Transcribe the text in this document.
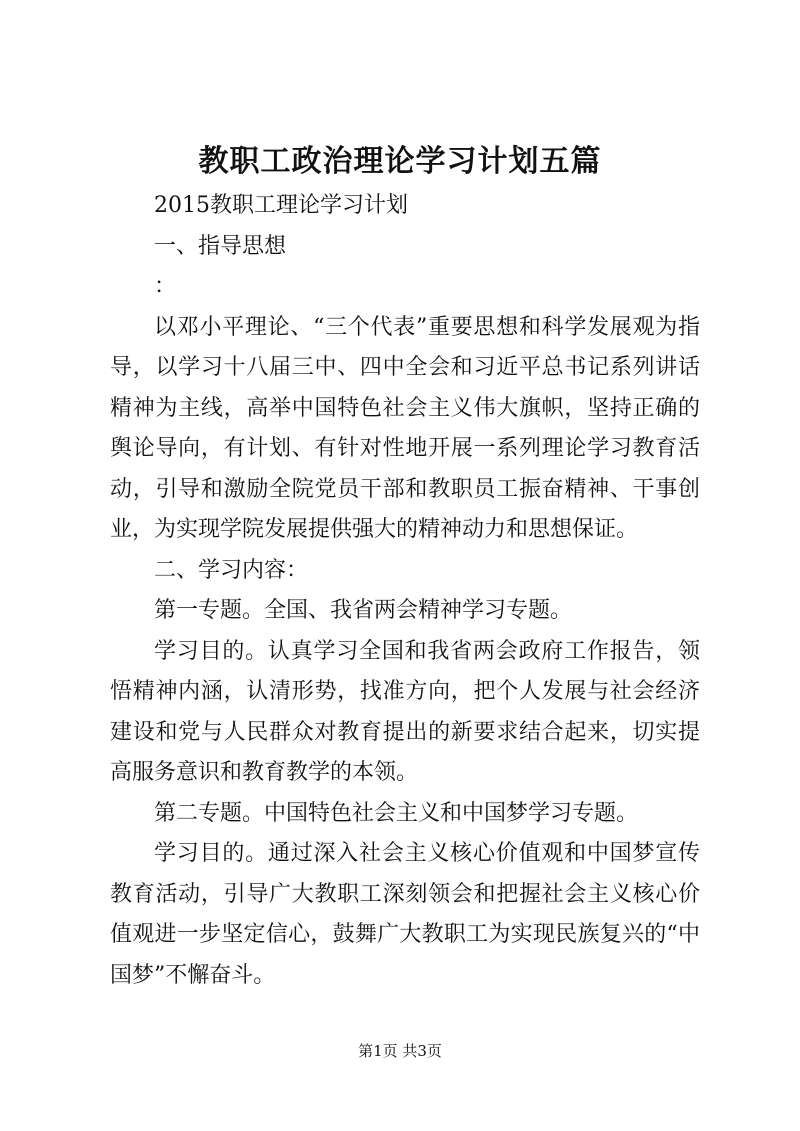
教职工政治理论学习计划五篇

2015教职工理论学习计划

一、指导思想

：

以邓小平理论、“三个代表”重要思想和科学发展观为指导，以学习十八届三中、四中全会和习近平总书记系列讲话精神为主线，高举中国特色社会主义伟大旗帜，坚持正确的舆论导向，有计划、有针对性地开展一系列理论学习教育活动，引导和激励全院党员干部和教职员工振奋精神、干事创业，为实现学院发展提供强大的精神动力和思想保证。

二、学习内容：

第一专题。全国、我省两会精神学习专题。

学习目的。认真学习全国和我省两会政府工作报告，领悟精神内涵，认清形势，找准方向，把个人发展与社会经济建设和党与人民群众对教育提出的新要求结合起来，切实提高服务意识和教育教学的本领。

第二专题。中国特色社会主义和中国梦学习专题。

学习目的。通过深入社会主义核心价值观和中国梦宣传教育活动，引导广大教职工深刻领会和把握社会主义核心价值观进一步坚定信心，鼓舞广大教职工为实现民族复兴的“中国梦”不懈奋斗。

第1页 共3页
